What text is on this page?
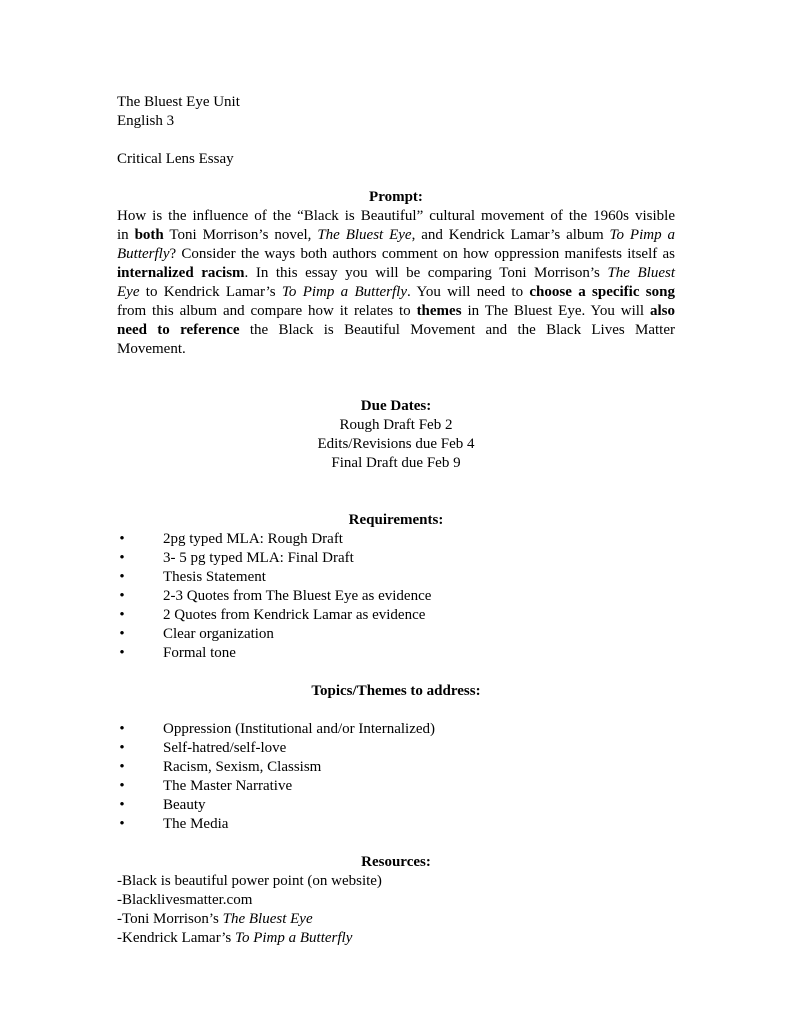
The Bluest Eye Unit
English 3
Critical Lens Essay
Prompt:
How is the influence of the “Black is Beautiful” cultural movement of the 1960s visible
in both Toni Morrison’s novel, The Bluest Eye, and Kendrick Lamar’s album To Pimp a
Butterfly? Consider the ways both authors comment on how oppression manifests itself as
internalized racism. In this essay you will be comparing Toni Morrison’s The Bluest
Eye to Kendrick Lamar’s To Pimp a Butterfly. You will need to choose a specific song
from this album and compare how it relates to themes in The Bluest Eye. You will also
need to reference the Black is Beautiful Movement and the Black Lives Matter
Movement.
Due Dates:
Rough Draft Feb 2
Edits/Revisions due Feb 4
Final Draft due Feb 9
Requirements:
•	2pg typed MLA: Rough Draft
•	3- 5 pg typed MLA: Final Draft
•	Thesis Statement
•	2-3 Quotes from The Bluest Eye as evidence
•	2 Quotes from Kendrick Lamar as evidence
•	Clear organization
•	Formal tone
Topics/Themes to address:
•	Oppression (Institutional and/or Internalized)
•	Self-hatred/self-love
•	Racism, Sexism, Classism
•	The Master Narrative
•	Beauty
•	The Media
Resources:
-Black is beautiful power point (on website)
-Blacklivesmatter.com
-Toni Morrison’s The Bluest Eye
-Kendrick Lamar’s To Pimp a Butterfly
